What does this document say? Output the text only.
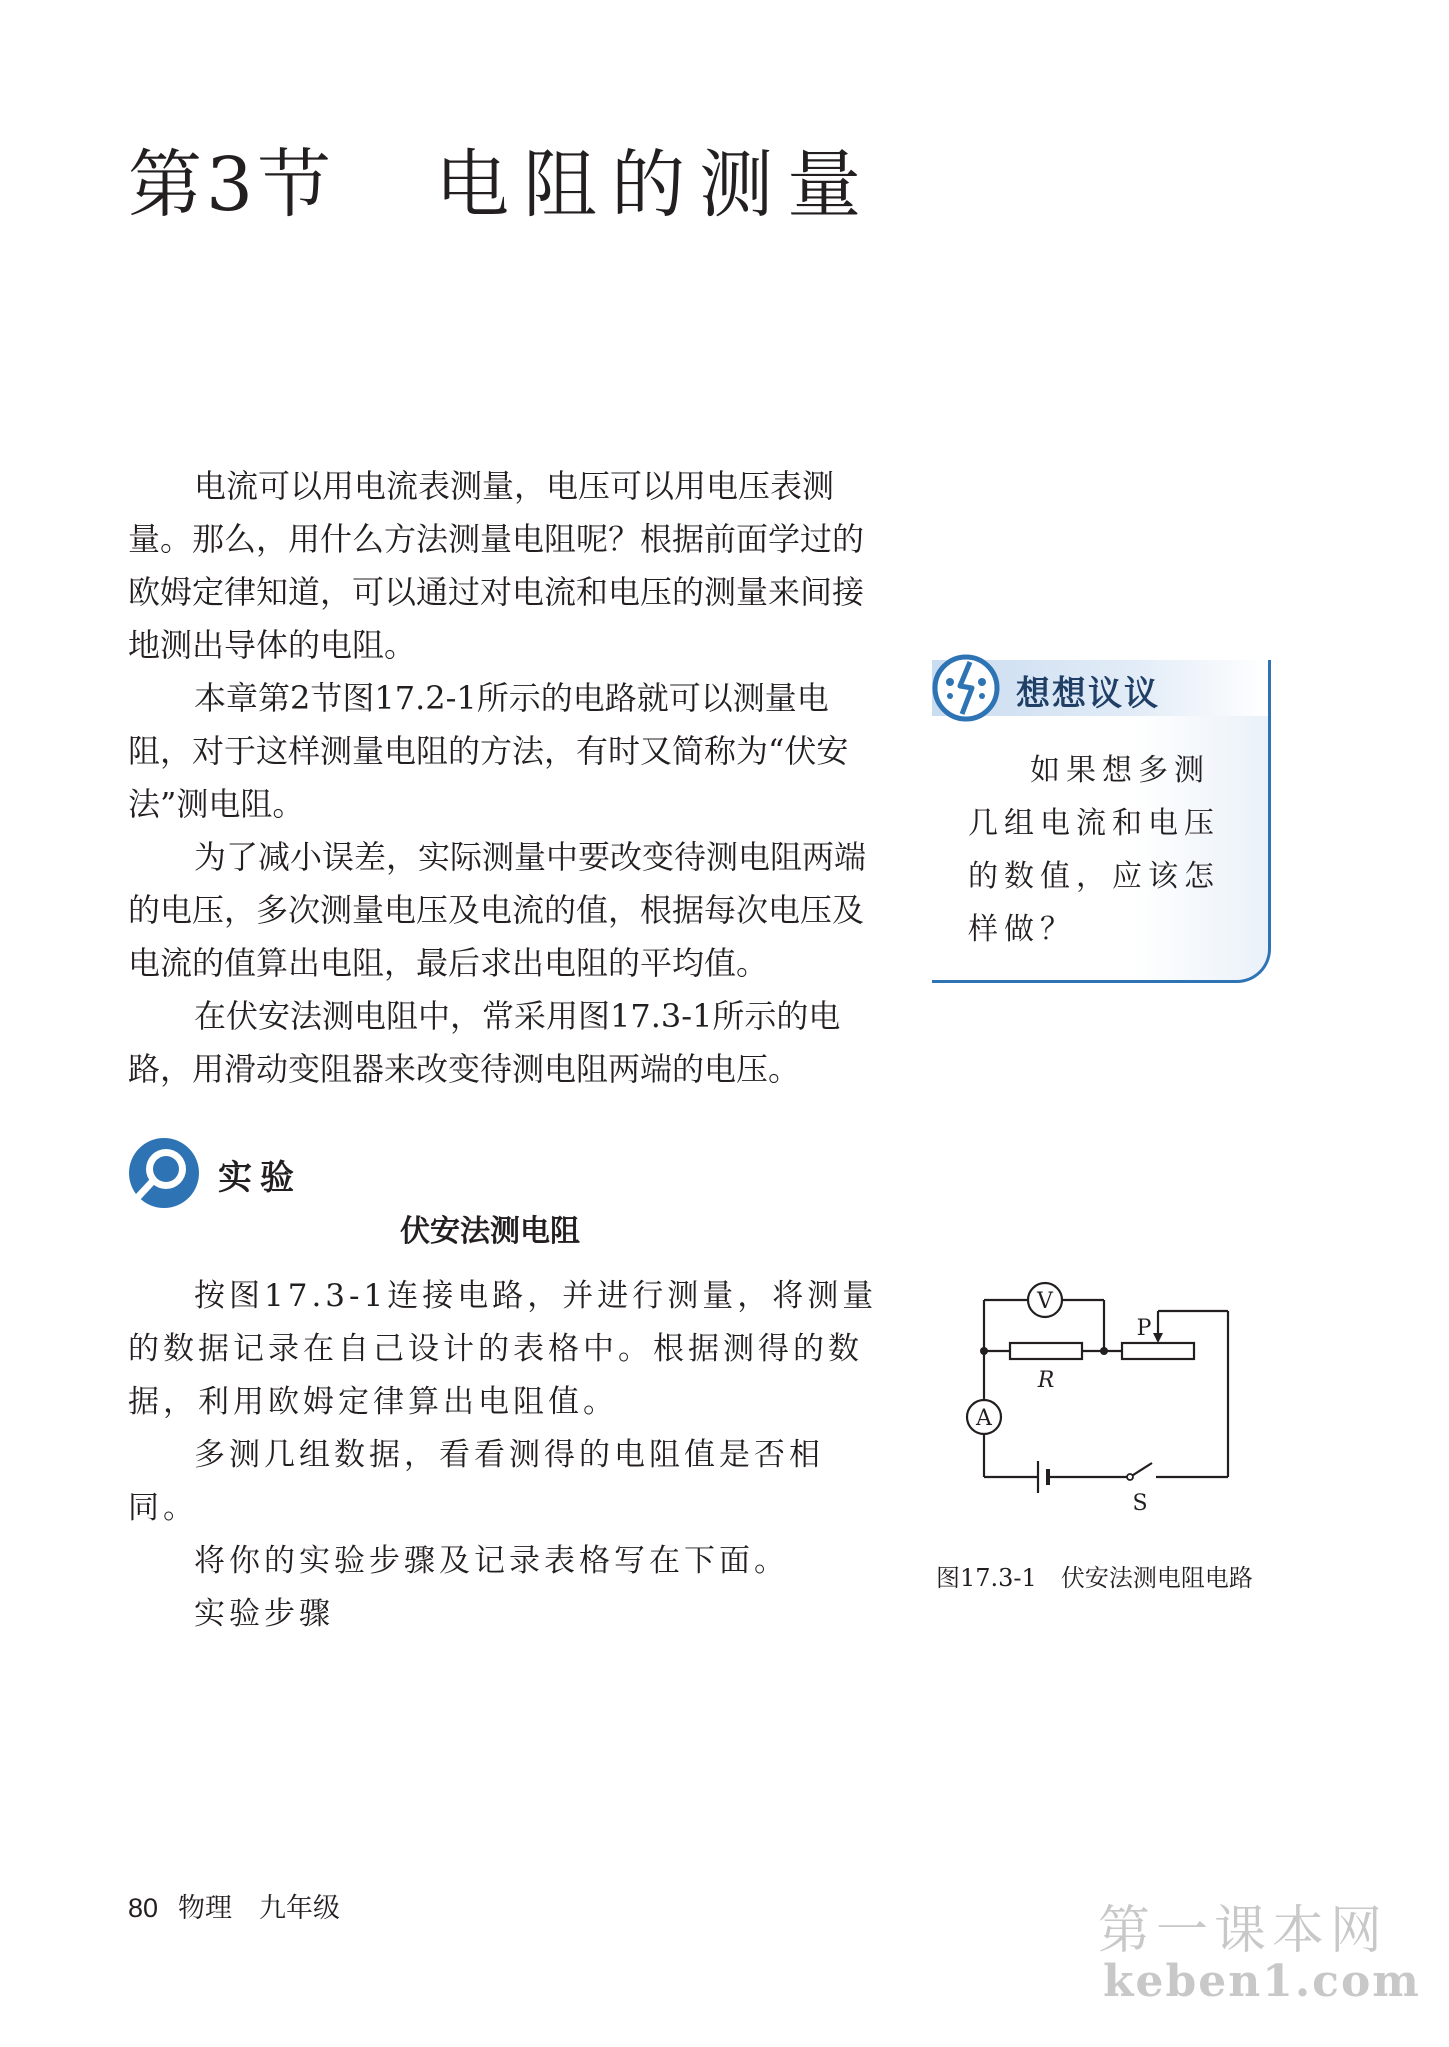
第3节 电阻的测量

电流可以用电流表测量，电压可以用电压表测量。那么，用什么方法测量电阻呢？根据前面学过的欧姆定律知道，可以通过对电流和电压的测量来间接地测出导体的电阻。

本章第2节图17.2-1所示的电路就可以测量电阻，对于这样测量电阻的方法，有时又简称为“伏安法”测电阻。

为了减小误差，实际测量中要改变待测电阻两端的电压，多次测量电压及电流的值，根据每次电压及电流的值算出电阻，最后求出电阻的平均值。

在伏安法测电阻中，常采用图17.3-1所示的电路，用滑动变阻器来改变待测电阻两端的电压。

想想议议

如果想多测几组电流和电压的数值，应该怎样做？

实验
伏安法测电阻

按图17.3-1连接电路，并进行测量，将测量的数据记录在自己设计的表格中。根据测得的数据，利用欧姆定律算出电阻值。

多测几组数据，看看测得的电阻值是否相同。

将你的实验步骤及记录表格写在下面。

实验步骤

V
A
R
P
S
图17.3-1　伏安法测电阻电路
80 物理　九年级	第一课本网
keben1.com
